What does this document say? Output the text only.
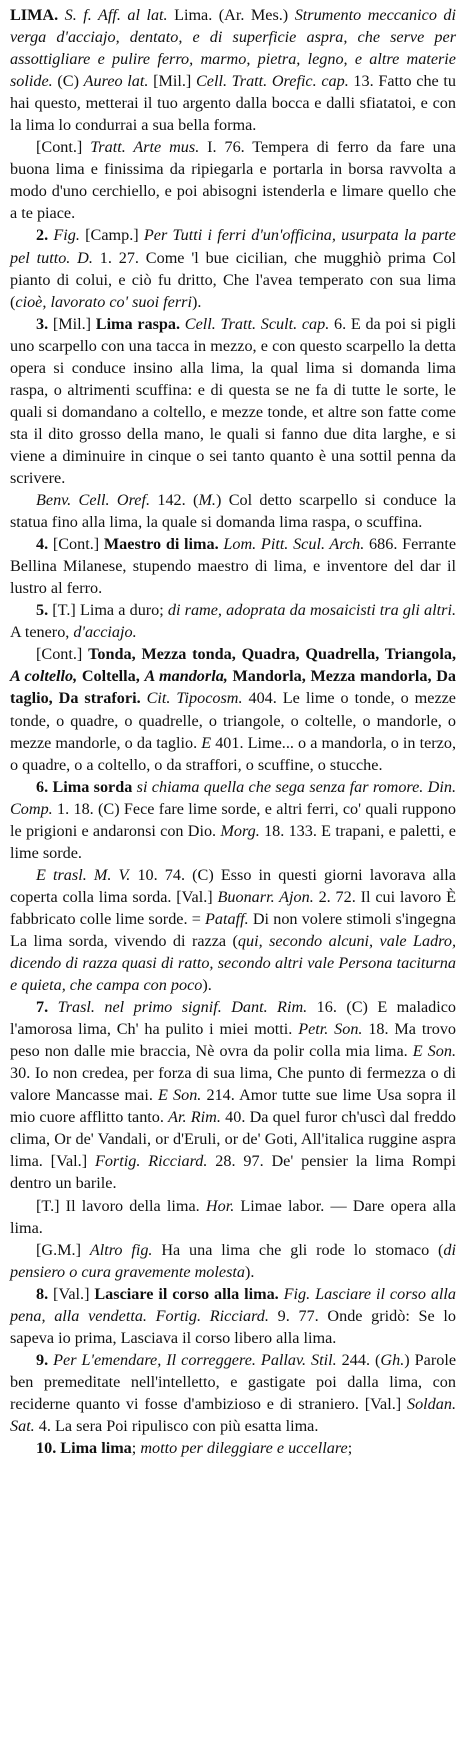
LIMA. S. f. Aff. al lat. Lima. (Ar. Mes.) Strumento meccanico di verga d'acciajo, dentato, e di superficie aspra, che serve per assottigliare e pulire ferro, marmo, pietra, legno, e altre materie solide. (C) Aureo lat. [Mil.] Cell. Tratt. Orefic. cap. 13. Fatto che tu hai questo, metterai il tuo argento dalla bocca e dalli sfiatatoi, e con la lima lo condurrai a sua bella forma.

[Cont.] Tratt. Arte mus. I. 76. Tempera di ferro da fare una buona lima e finissima da ripiegarla e portarla in borsa ravvolta a modo d'uno cerchiello, e poi abisogni istenderla e limare quello che a te piace.

2. Fig. [Camp.] Per Tutti i ferri d'un'officina, usurpata la parte pel tutto. D. 1. 27. Come 'l bue cicilian, che mugghiò prima Col pianto di colui, e ciò fu dritto, Che l'avea temperato con sua lima (cioè, lavorato co' suoi ferri).

3. [Mil.] Lima raspa. Cell. Tratt. Scult. cap. 6. E da poi si pigli uno scarpello con una tacca in mezzo, e con questo scarpello la detta opera si conduce insino alla lima, la qual lima si domanda lima raspa, o altrimenti scuffina: e di questa se ne fa di tutte le sorte, le quali si domandano a coltello, e mezze tonde, et altre son fatte come sta il dito grosso della mano, le quali si fanno due dita larghe, e si viene a diminuire in cinque o sei tanto quanto è una sottil penna da scrivere.

Benv. Cell. Oref. 142. (M.) Col detto scarpello si conduce la statua fino alla lima, la quale si domanda lima raspa, o scuffina.

4. [Cont.] Maestro di lima. Lom. Pitt. Scul. Arch. 686. Ferrante Bellina Milanese, stupendo maestro di lima, e inventore del dar il lustro al ferro.

5. [T.] Lima a duro; di rame, adoprata da mosaicisti tra gli altri. A tenero, d'acciajo.

[Cont.] Tonda, Mezza tonda, Quadra, Quadrella, Triangola, A coltello, Coltella, A mandorla, Mandorla, Mezza mandorla, Da taglio, Da strafori. Cit. Tipocosm. 404. Le lime o tonde, o mezze tonde, o quadre, o quadrelle, o triangole, o coltelle, o mandorle, o mezze mandorle, o da taglio. E 401. Lime... o a mandorla, o in terzo, o quadre, o a coltello, o da straffori, o scuffine, o stucche.

6. Lima sorda si chiama quella che sega senza far romore. Din. Comp. 1. 18. (C) Fece fare lime sorde, e altri ferri, co' quali ruppono le prigioni e andaronsi con Dio. Morg. 18. 133. E trapani, e paletti, e lime sorde.

E trasl. M. V. 10. 74. (C) Esso in questi giorni lavorava alla coperta colla lima sorda. [Val.] Buonarr. Ajon. 2. 72. Il cui lavoro È fabbricato colle lime sorde. = Pataff. Di non volere stimoli s'ingegna La lima sorda, vivendo di razza (qui, secondo alcuni, vale Ladro, dicendo di razza quasi di ratto, secondo altri vale Persona taciturna e quieta, che campa con poco).

7. Trasl. nel primo signif. Dant. Rim. 16. (C) E maladico l'amorosa lima, Ch' ha pulito i miei motti. Petr. Son. 18. Ma trovo peso non dalle mie braccia, Nè ovra da polir colla mia lima. E Son. 30. Io non credea, per forza di sua lima, Che punto di fermezza o di valore Mancasse mai. E Son. 214. Amor tutte sue lime Usa sopra il mio cuore afflitto tanto. Ar. Rim. 40. Da quel furor ch'uscì dal freddo clima, Or de' Vandali, or d'Eruli, or de' Goti, All'italica ruggine aspra lima. [Val.] Fortig. Ricciard. 28. 97. De' pensier la lima Rompi dentro un barile.

[T.] Il lavoro della lima. Hor. Limae labor. — Dare opera alla lima.

[G.M.] Altro fig. Ha una lima che gli rode lo stomaco (di pensiero o cura gravemente molesta).

8. [Val.] Lasciare il corso alla lima. Fig. Lasciare il corso alla pena, alla vendetta. Fortig. Ricciard. 9. 77. Onde gridò: Se lo sapeva io prima, Lasciava il corso libero alla lima.

9. Per L'emendare, Il correggere. Pallav. Stil. 244. (Gh.) Parole ben premeditate nell'intelletto, e gastigate poi dalla lima, con reciderne quanto vi fosse d'ambizioso e di straniero. [Val.] Soldan. Sat. 4. La sera Poi ripulisco con più esatta lima.

10. Lima lima; motto per dileggiare e uccellare;
